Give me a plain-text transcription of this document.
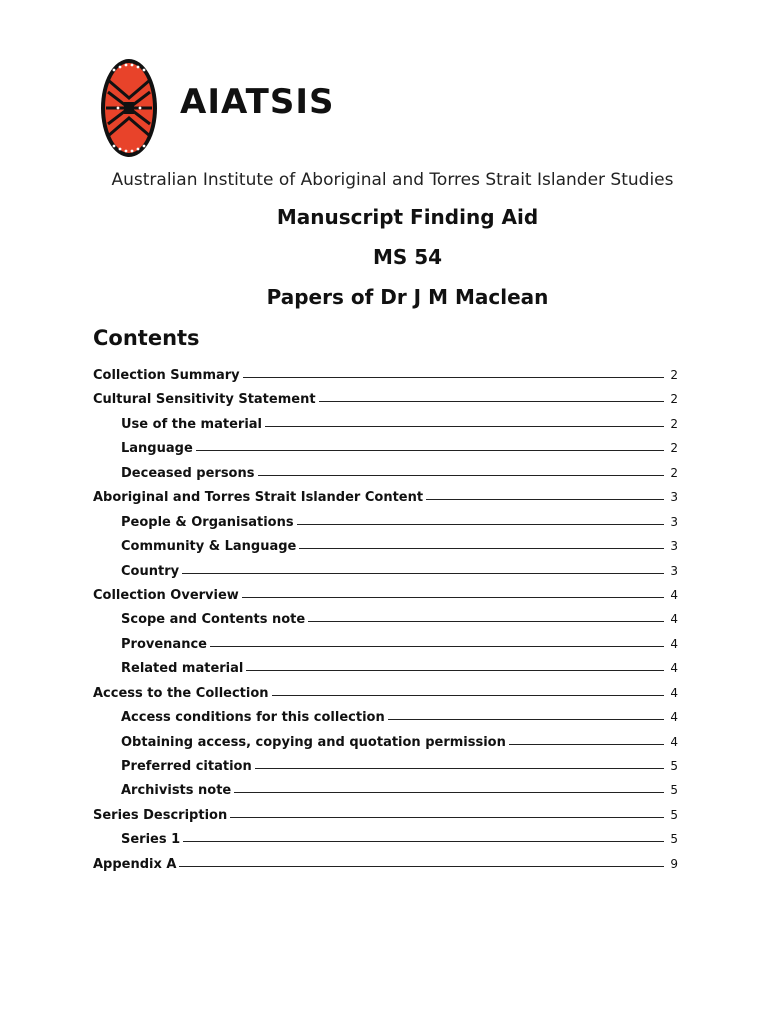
AIATSIS
Australian Institute of Aboriginal and Torres Strait Islander Studies
Manuscript Finding Aid
MS 54
Papers of Dr J M Maclean
Contents
Collection Summary	2
Cultural Sensitivity Statement	2
Use of the material	2
Language	2
Deceased persons	2
Aboriginal and Torres Strait Islander Content	3
People & Organisations	3
Community & Language	3
Country	3
Collection Overview	4
Scope and Contents note	4
Provenance	4
Related material	4
Access to the Collection	4
Access conditions for this collection	4
Obtaining access, copying and quotation permission	4
Preferred citation	5
Archivists note	5
Series Description	5
Series 1	5
Appendix A	9
